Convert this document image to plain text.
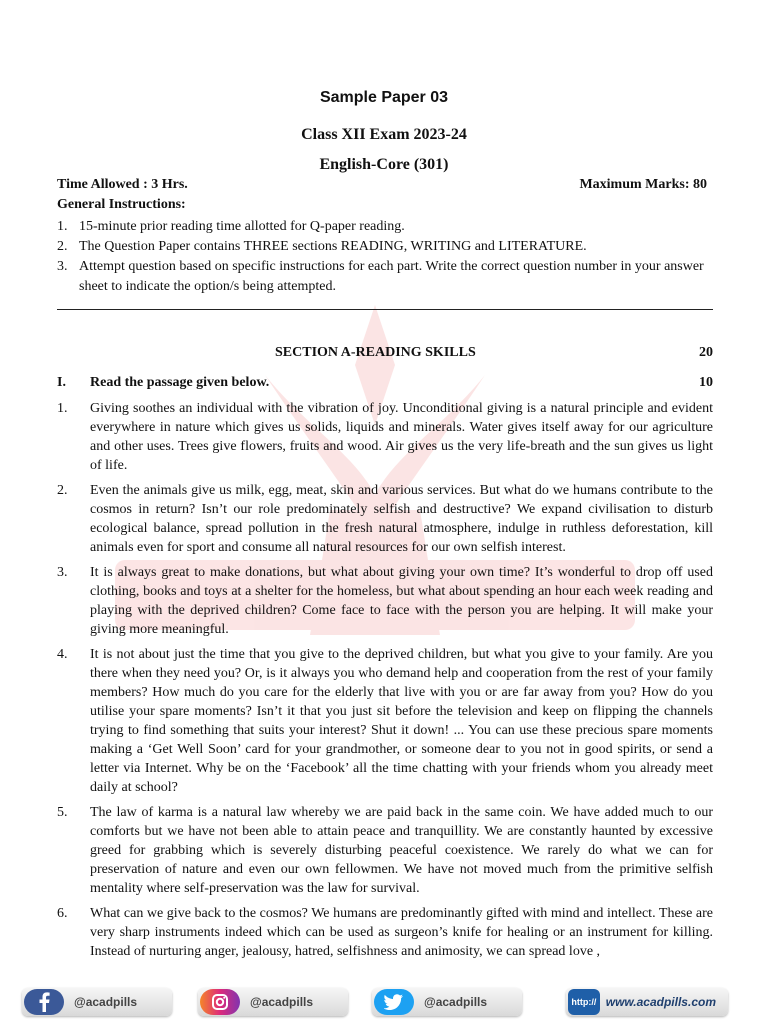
Sample Paper 03
Class XII Exam 2023-24
English-Core (301)
Time Allowed : 3 Hrs.	Maximum Marks: 80
General Instructions:
1. 15-minute prior reading time allotted for Q-paper reading.
2. The Question Paper contains THREE sections READING, WRITING and LITERATURE.
3. Attempt question based on specific instructions for each part. Write the correct question number in your answer sheet to indicate the option/s being attempted.
SECTION A-READING SKILLS	20
I. Read the passage given below.	10
1.	Giving soothes an individual with the vibration of joy. Unconditional giving is a natural principle and evident everywhere in nature which gives us solids, liquids and minerals. Water gives itself away for our agriculture and other uses. Trees give flowers, fruits and wood. Air gives us the very life-breath and the sun gives us light of life.
2.	Even the animals give us milk, egg, meat, skin and various services. But what do we humans contribute to the cosmos in return? Isn’t our role predominately selfish and destructive? We expand civilisation to disturb ecological balance, spread pollution in the fresh natural atmosphere, indulge in ruthless deforestation, kill animals even for sport and consume all natural resources for our own selfish interest.
3.	It is always great to make donations, but what about giving your own time? It’s wonderful to drop off used clothing, books and toys at a shelter for the homeless, but what about spending an hour each week reading and playing with the deprived children? Come face to face with the person you are helping. It will make your giving more meaningful.
4.	It is not about just the time that you give to the deprived children, but what you give to your family. Are you there when they need you? Or, is it always you who demand help and cooperation from the rest of your family members? How much do you care for the elderly that live with you or are far away from you? How do you utilise your spare moments? Isn’t it that you just sit before the television and keep on flipping the channels trying to find something that suits your interest? Shut it down! ... You can use these precious spare moments making a ‘Get Well Soon’ card for your grandmother, or someone dear to you not in good spirits, or send a letter via Internet. Why be on the ‘Facebook’ all the time chatting with your friends whom you already meet daily at school?
5.	The law of karma is a natural law whereby we are paid back in the same coin. We have added much to our comforts but we have not been able to attain peace and tranquillity. We are constantly haunted by excessive greed for grabbing which is severely disturbing peaceful coexistence. We rarely do what we can for preservation of nature and even our own fellowmen. We have not moved much from the primitive selfish mentality where self-preservation was the law for survival.
6.	What can we give back to the cosmos? We humans are predominantly gifted with mind and intellect. These are very sharp instruments indeed which can be used as surgeon’s knife for healing or an instrument for killing. Instead of nurturing anger, jealousy, hatred, selfishness and animosity, we can spread love ,
@acadpills	@acadpills	@acadpills	http:// www.acadpills.com
